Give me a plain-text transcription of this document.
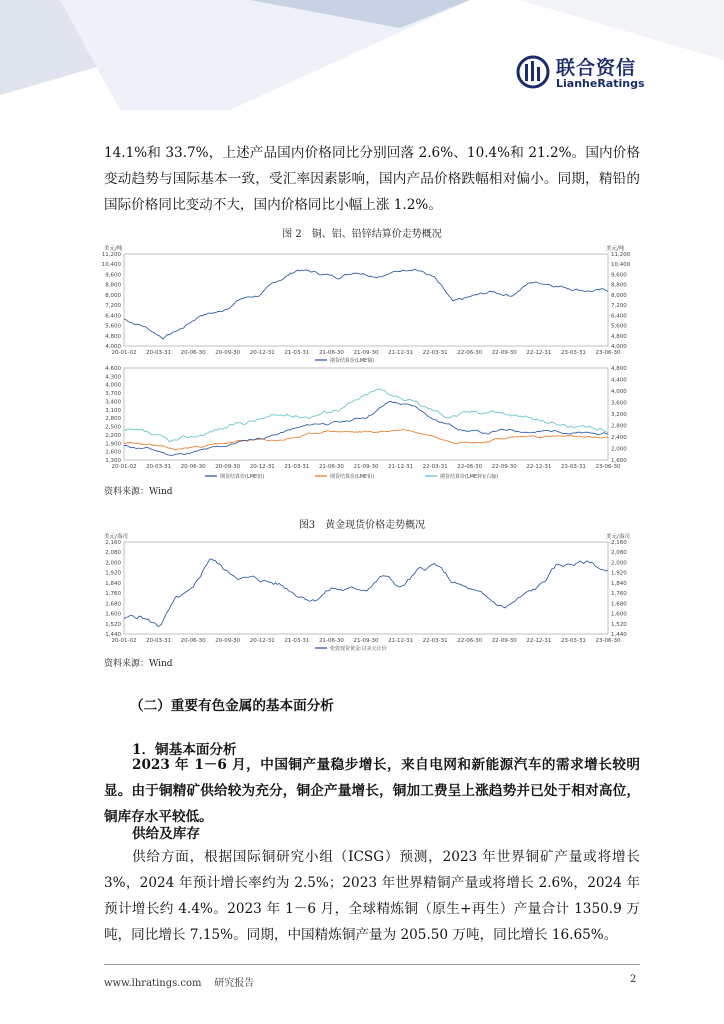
联合资信
LianheRatings
14.1%和 33.7%，上述产品国内价格同比分别回落 2.6%、10.4%和 21.2%。国内价格变动趋势与国际基本一致，受汇率因素影响，国内产品价格跌幅相对偏小。同期，精铅的国际价格同比变动不大，国内价格同比小幅上涨 1.2%。
图 2　铜、铝、铅锌结算价走势概况
美元/吨	美元/吨
11,200
10,400
9,600
8,800
8,000
7,200
6,400
5,600
4,800
4,000
11,200
10,400
9,600
8,800
8,000
7,200
6,400
5,600
4,800
4,000
20-01-02 20-03-31 20-06-30 20-09-30 20-12-31 21-03-31 21-06-30 21-09-30 21-12-31 22-03-31 22-06-30 22-09-30 22-12-31 23-03-31 23-06-30
期货结算价(LME铜)
4,600
4,300
4,000
3,700
3,400
3,100
2,800
2,500
2,200
1,900
1,600
1,300
4,800
4,400
4,000
3,600
3,200
2,800
2,400
2,000
1,600
20-01-02 20-03-31 20-06-30 20-09-30 20-12-31 21-03-31 21-06-30 21-09-30 21-12-31 22-03-31 22-06-30 22-09-30 22-12-31 23-03-31 23-06-30
期货结算价(LME铝)	期货结算价(LME铅)	期货结算价(LME锌)(右轴)
资料来源：Wind
图3　黄金现货价格走势概况
美元/盎司	美元/盎司
2,160
2,080
2,000
1,920
1,840
1,760
1,680
1,600
1,520
1,440
2,160
2,080
2,000
1,920
1,840
1,760
1,680
1,600
1,520
1,440
20-01-02 20-03-31 20-06-30 20-09-30 20-12-31 21-03-31 21-06-30 21-09-30 21-12-31 22-03-31 22-06-30 22-09-30 22-12-31 23-03-31 23-06-30
伦敦现货黄金:以美元计价
资料来源：Wind
（二）重要有色金属的基本面分析
1．铜基本面分析
2023 年 1－6 月，中国铜产量稳步增长，来自电网和新能源汽车的需求增长较明显。由于铜精矿供给较为充分，铜企产量增长，铜加工费呈上涨趋势并已处于相对高位，铜库存水平较低。
供给及库存
供给方面，根据国际铜研究小组（ICSG）预测，2023 年世界铜矿产量或将增长 3%，2024 年预计增长率约为 2.5%；2023 年世界精铜产量或将增长 2.6%，2024 年预计增长约 4.4%。2023 年 1－6 月，全球精炼铜（原生+再生）产量合计 1350.9 万吨，同比增长 7.15%。同期，中国精炼铜产量为 205.50 万吨，同比增长 16.65%。
www.lhratings.com 研究报告	2
